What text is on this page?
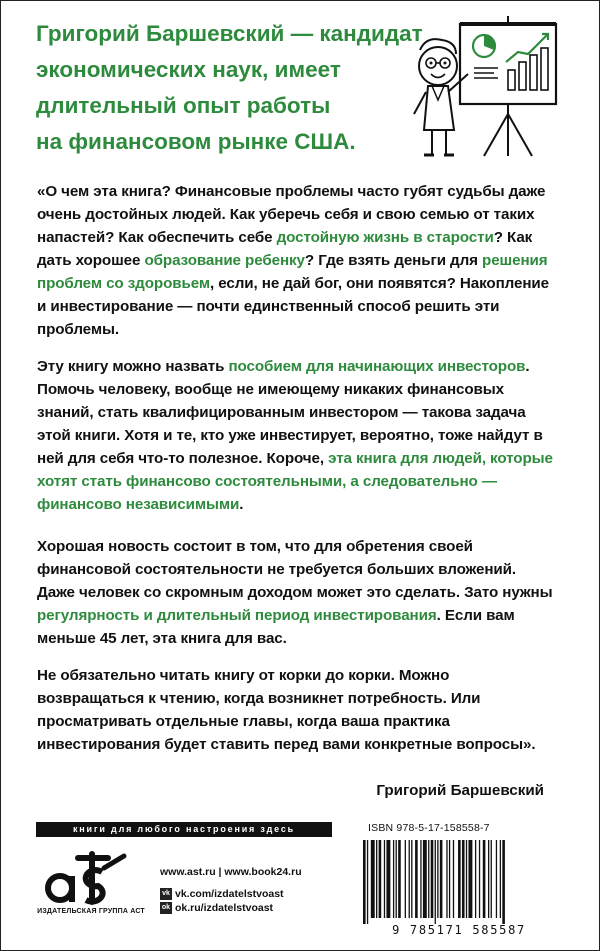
Григорий Баршевский — кандидат
экономических наук, имеет
длительный опыт работы
на финансовом рынке США.

«О чем эта книга? Финансовые проблемы часто губят судьбы даже очень достойных людей. Как уберечь себя и свою семью от таких напастей? Как обеспечить себе достойную жизнь в старости? Как дать хорошее образование ребенку? Где взять деньги для решения проблем со здоровьем, если, не дай бог, они появятся? Накопление и инвестирование — почти единственный способ решить эти проблемы.

Эту книгу можно назвать пособием для начинающих инвесторов. Помочь человеку, вообще не имеющему никаких финансовых знаний, стать квалифицированным инвестором — такова задача этой книги. Хотя и те, кто уже инвестирует, вероятно, тоже найдут в ней для себя что-то полезное. Короче, эта книга для людей, которые хотят стать финансово состоятельными, а следовательно — финансово независимыми.

Хорошая новость состоит в том, что для обретения своей финансовой состоятельности не требуется больших вложений. Даже человек со скромным доходом может это сделать. Зато нужны регулярность и длительный период инвестирования. Если вам меньше 45 лет, эта книга для вас.

Не обязательно читать книгу от корки до корки. Можно возвращаться к чтению, когда возникнет потребность. Или просматривать отдельные главы, когда ваша практика инвестирования будет ставить перед вами конкретные вопросы».

Григорий Баршевский
книги для любого настроения здесь
ИЗДАТЕЛЬСКАЯ ГРУППА АСТ
www.ast.ru | www.book24.ru
vk vk.com/izdatelstvoast
ok ok.ru/izdatelstvoast
ISBN 978-5-17-158558-7
9 785171 585587
